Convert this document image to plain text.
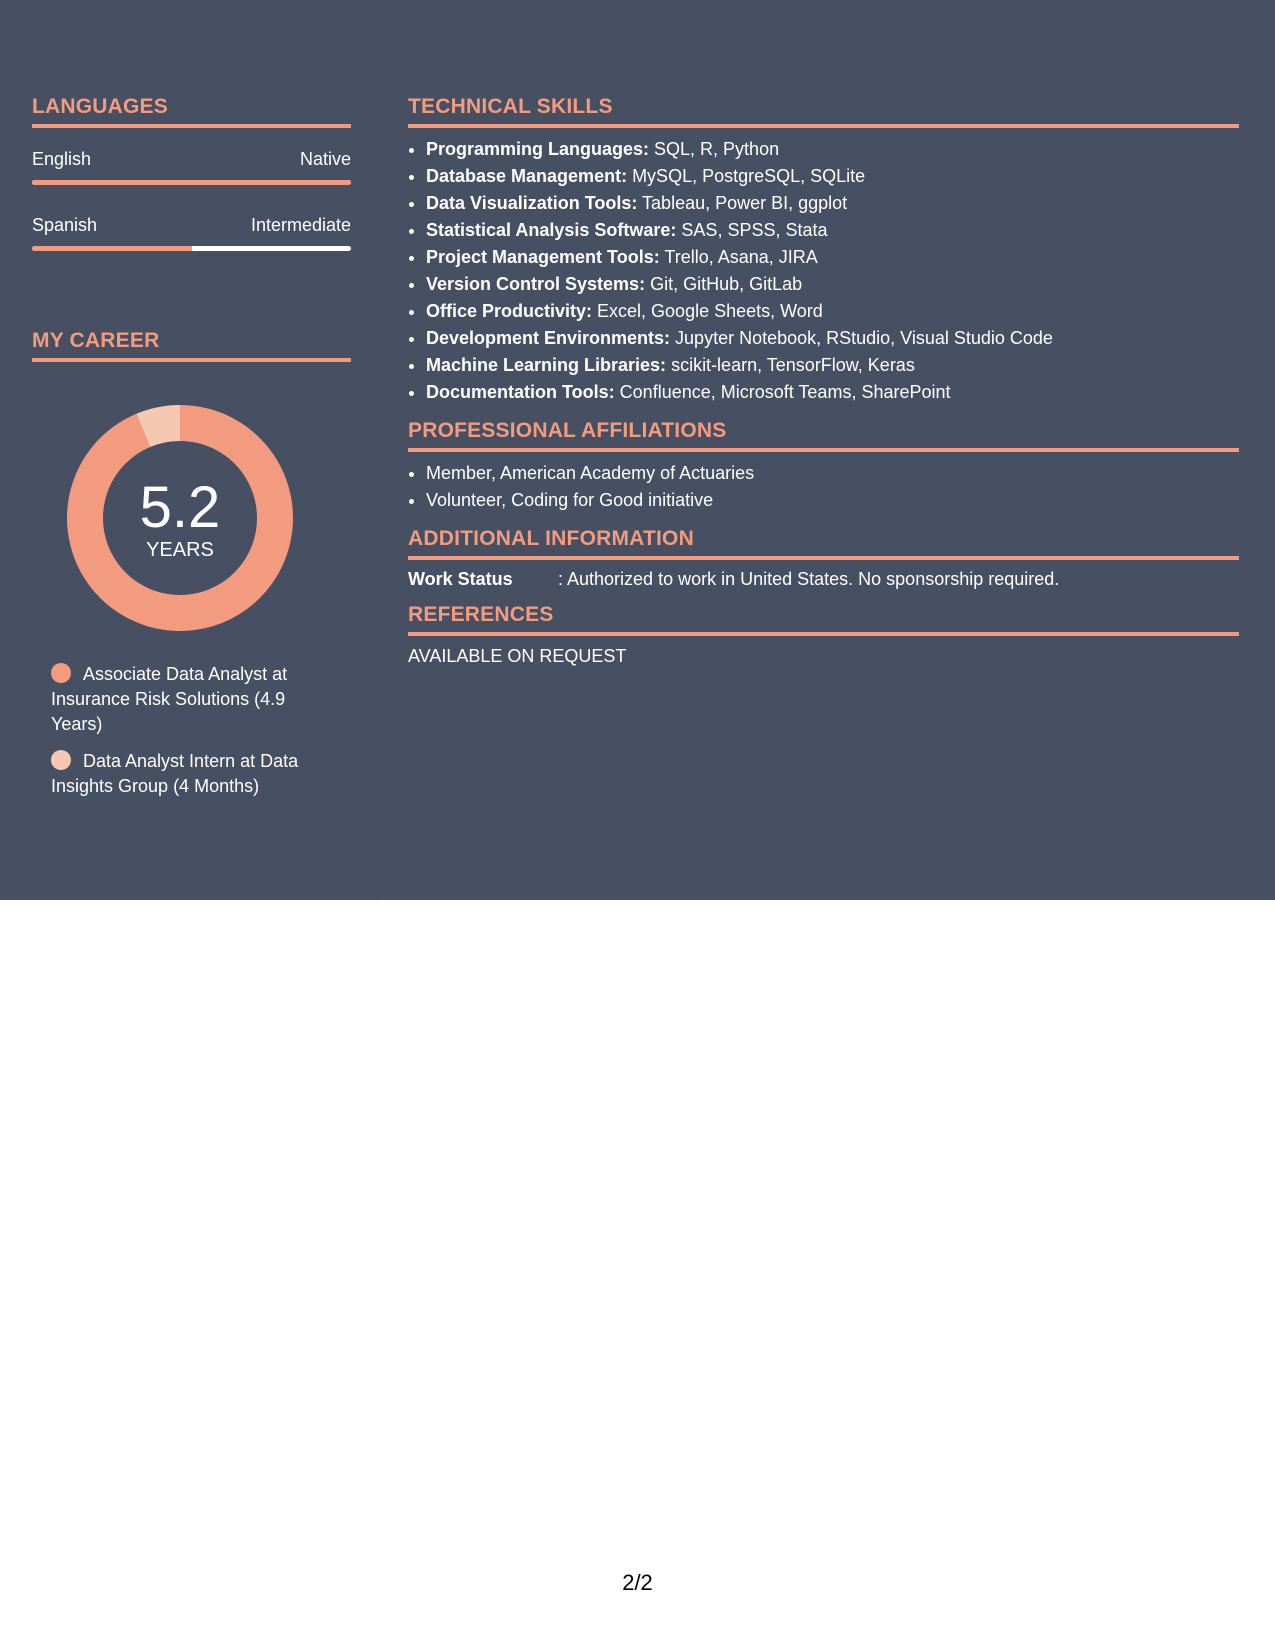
LANGUAGES
English	Native
Spanish	Intermediate
MY CAREER
5.2
YEARS
Associate Data Analyst at Insurance Risk Solutions (4.9 Years)
Data Analyst Intern at Data Insights Group (4 Months)
TECHNICAL SKILLS
• Programming Languages: SQL, R, Python
• Database Management: MySQL, PostgreSQL, SQLite
• Data Visualization Tools: Tableau, Power BI, ggplot
• Statistical Analysis Software: SAS, SPSS, Stata
• Project Management Tools: Trello, Asana, JIRA
• Version Control Systems: Git, GitHub, GitLab
• Office Productivity: Excel, Google Sheets, Word
• Development Environments: Jupyter Notebook, RStudio, Visual Studio Code
• Machine Learning Libraries: scikit-learn, TensorFlow, Keras
• Documentation Tools: Confluence, Microsoft Teams, SharePoint
PROFESSIONAL AFFILIATIONS
• Member, American Academy of Actuaries
• Volunteer, Coding for Good initiative
ADDITIONAL INFORMATION
Work Status	: Authorized to work in United States. No sponsorship required.
REFERENCES
AVAILABLE ON REQUEST
2/2
